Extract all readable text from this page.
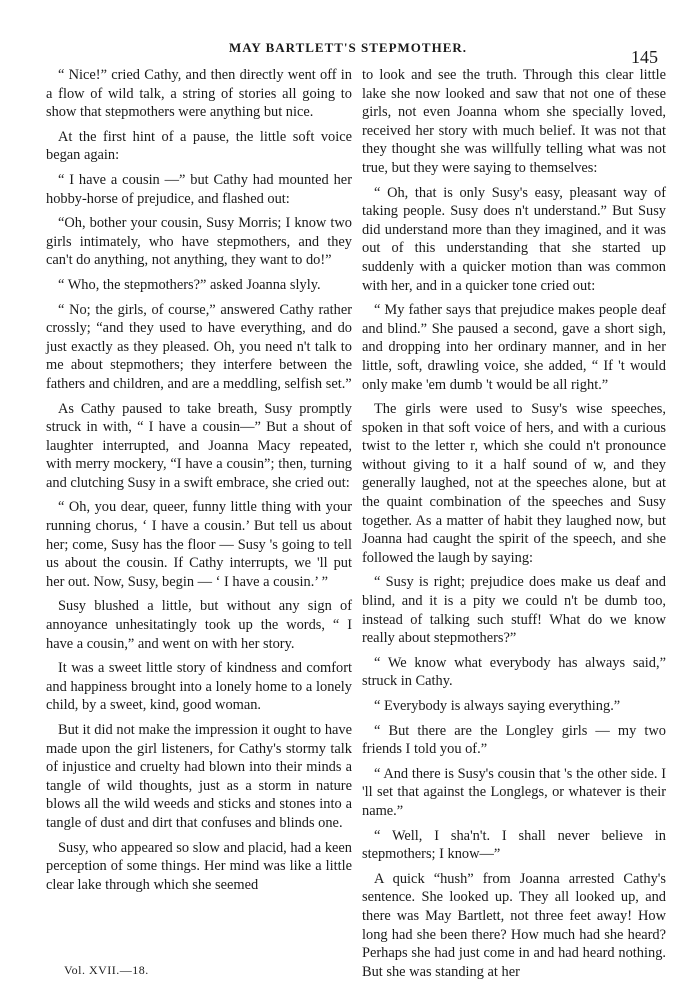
MAY BARTLETT'S STEPMOTHER.	145

“ Nice!” cried Cathy, and then directly went off in a flow of wild talk, a string of stories all going to show that stepmothers were anything but nice.

At the first hint of a pause, the little soft voice began again:

“ I have a cousin —” but Cathy had mounted her hobby-horse of prejudice, and flashed out:

“Oh, bother your cousin, Susy Morris; I know two girls intimately, who have stepmothers, and they can't do anything, not anything, they want to do!”

“ Who, the stepmothers?” asked Joanna slyly.

“ No; the girls, of course,” answered Cathy rather crossly; “and they used to have everything, and do just exactly as they pleased. Oh, you need n't talk to me about stepmothers; they interfere between the fathers and children, and are a meddling, selfish set.”

As Cathy paused to take breath, Susy promptly struck in with, “ I have a cousin—” But a shout of laughter interrupted, and Joanna Macy repeated, with merry mockery, “I have a cousin”; then, turning and clutching Susy in a swift embrace, she cried out:

“ Oh, you dear, queer, funny little thing with your running chorus, ‘ I have a cousin.’ But tell us about her; come, Susy has the floor — Susy 's going to tell us about the cousin. If Cathy interrupts, we 'll put her out. Now, Susy, begin — ‘ I have a cousin.’ ”

Susy blushed a little, but without any sign of annoyance unhesitatingly took up the words, “ I have a cousin,” and went on with her story.

It was a sweet little story of kindness and comfort and happiness brought into a lonely home to a lonely child, by a sweet, kind, good woman.

But it did not make the impression it ought to have made upon the girl listeners, for Cathy's stormy talk of injustice and cruelty had blown into their minds a tangle of wild thoughts, just as a storm in nature blows all the wild weeds and sticks and stones into a tangle of dust and dirt that confuses and blinds one.

Susy, who appeared so slow and placid, had a keen perception of some things. Her mind was like a little clear lake through which she seemed

to look and see the truth. Through this clear little lake she now looked and saw that not one of these girls, not even Joanna whom she specially loved, received her story with much belief. It was not that they thought she was willfully telling what was not true, but they were saying to themselves:

“ Oh, that is only Susy's easy, pleasant way of taking people. Susy does n't understand.” But Susy did understand more than they imagined, and it was out of this understanding that she started up suddenly with a quicker motion than was common with her, and in a quicker tone cried out:

“ My father says that prejudice makes people deaf and blind.” She paused a second, gave a short sigh, and dropping into her ordinary manner, and in her little, soft, drawling voice, she added, “ If 't would only make 'em dumb 't would be all right.”

The girls were used to Susy's wise speeches, spoken in that soft voice of hers, and with a curious twist to the letter r, which she could n't pronounce without giving to it a half sound of w, and they generally laughed, not at the speeches alone, but at the quaint combination of the speeches and Susy together. As a matter of habit they laughed now, but Joanna had caught the spirit of the speech, and she followed the laugh by saying:

“ Susy is right; prejudice does make us deaf and blind, and it is a pity we could n't be dumb too, instead of talking such stuff! What do we know really about stepmothers?”

“ We know what everybody has always said,” struck in Cathy.

“ Everybody is always saying everything.”

“ But there are the Longley girls — my two friends I told you of.”

“ And there is Susy's cousin that 's the other side. I 'll set that against the Longlegs, or whatever is their name.”

“ Well, I sha'n't. I shall never believe in stepmothers; I know—”

A quick “hush” from Joanna arrested Cathy's sentence. She looked up. They all looked up, and there was May Bartlett, not three feet away! How long had she been there? How much had she heard? Perhaps she had just come in and had heard nothing. But she was standing at her

Vol. XVII.—18.
